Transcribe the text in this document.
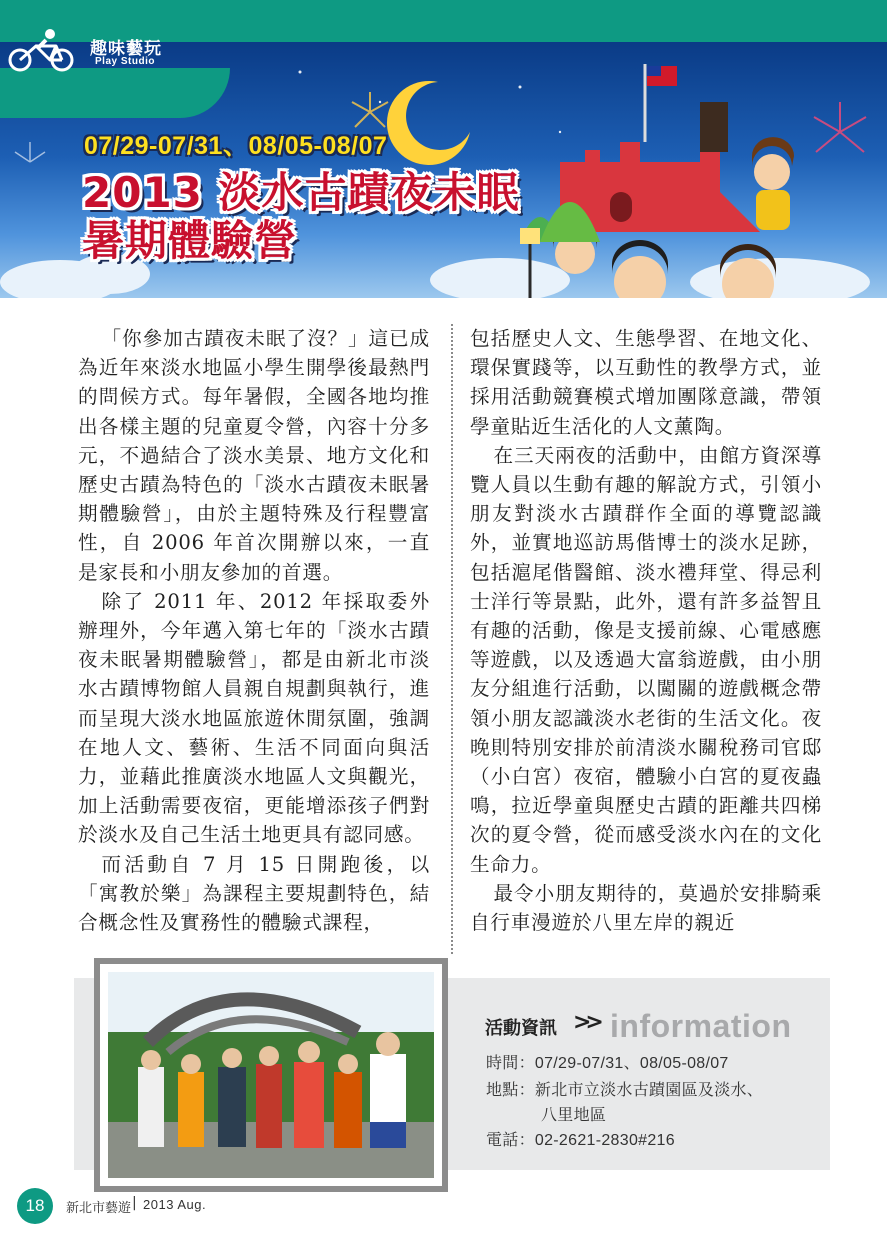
趣味藝玩
Play Studio
07/29-07/31、08/05-08/07
2013 淡水古蹟夜未眠
暑期體驗營

「你參加古蹟夜未眠了沒？」這已成為近年來淡水地區小學生開學後最熱門的問候方式。每年暑假，全國各地均推出各樣主題的兒童夏令營，內容十分多元，不過結合了淡水美景、地方文化和歷史古蹟為特色的「淡水古蹟夜未眠暑期體驗營」，由於主題特殊及行程豐富性，自 2006 年首次開辦以來，一直是家長和小朋友參加的首選。

除了 2011 年、2012 年採取委外辦理外，今年邁入第七年的「淡水古蹟夜未眠暑期體驗營」，都是由新北市淡水古蹟博物館人員親自規劃與執行，進而呈現大淡水地區旅遊休閒氛圍，強調在地人文、藝術、生活不同面向與活力，並藉此推廣淡水地區人文與觀光，加上活動需要夜宿，更能增添孩子們對於淡水及自己生活土地更具有認同感。

而活動自 7 月 15 日開跑後，以「寓教於樂」為課程主要規劃特色，結合概念性及實務性的體驗式課程，

包括歷史人文、生態學習、在地文化、環保實踐等，以互動性的教學方式，並採用活動競賽模式增加團隊意識，帶領學童貼近生活化的人文薰陶。

在三天兩夜的活動中，由館方資深導覽人員以生動有趣的解說方式，引領小朋友對淡水古蹟群作全面的導覽認識外，並實地巡訪馬偕博士的淡水足跡，包括滬尾偕醫館、淡水禮拜堂、得忌利士洋行等景點，此外，還有許多益智且有趣的活動，像是支援前線、心電感應等遊戲，以及透過大富翁遊戲，由小朋友分組進行活動，以闖關的遊戲概念帶領小朋友認識淡水老街的生活文化。夜晚則特別安排於前清淡水關稅務司官邸（小白宮）夜宿，體驗小白宮的夏夜蟲鳴，拉近學童與歷史古蹟的距離共四梯次的夏令營，從而感受淡水內在的文化生命力。

最令小朋友期待的，莫過於安排騎乘自行車漫遊於八里左岸的親近

活動資訊 >> information
時間：07/29-07/31、08/05-08/07
地點：新北市立淡水古蹟園區及淡水、
八里地區
電話：02-2621-2830#216
18	新北市藝遊 | 2013 Aug.
